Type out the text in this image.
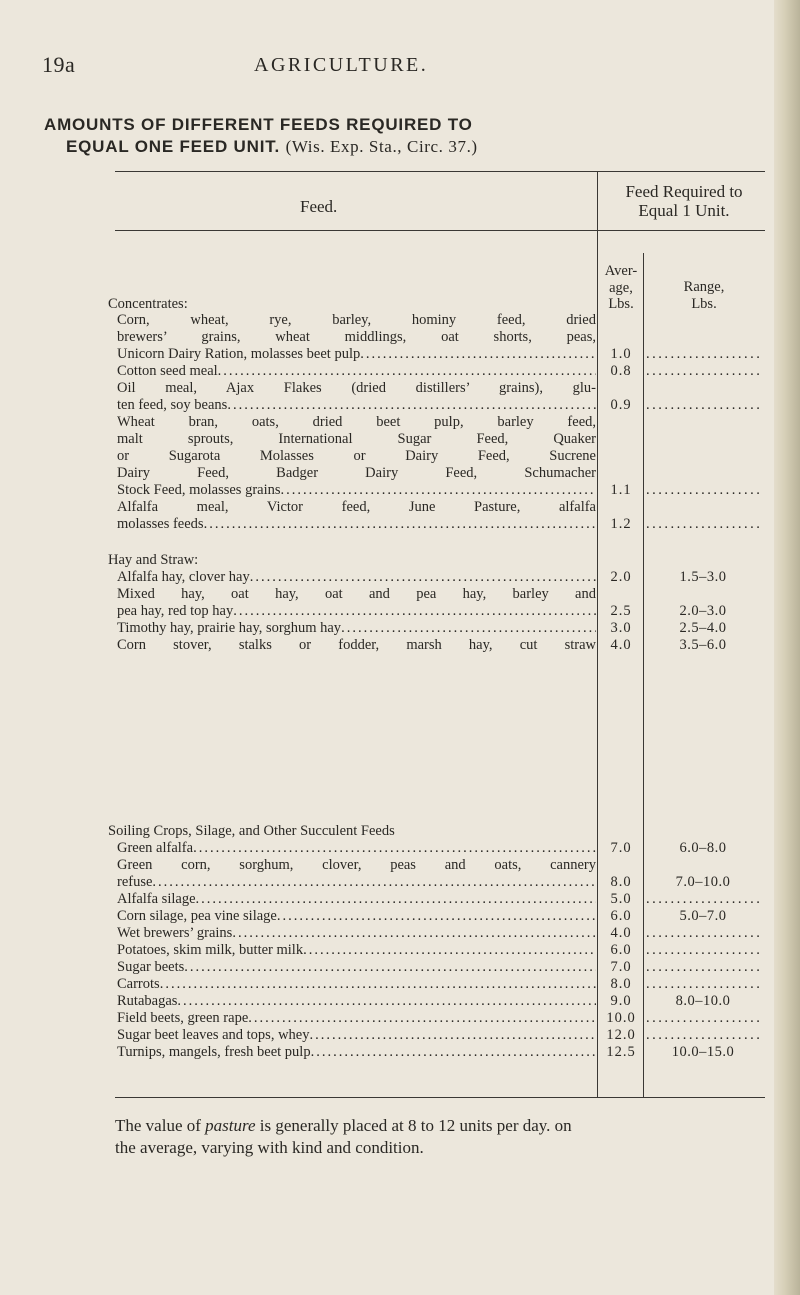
19a	AGRICULTURE.
AMOUNTS OF DIFFERENT FEEDS REQUIRED TO
EQUAL ONE FEED UNIT. (Wis. Exp. Sta., Circ. 37.)
Feed.
Feed Required to
Equal 1 Unit.
Aver-
age,
Lbs.
Range,
Lbs.
Concentrates:
Corn, wheat, rye, barley, hominy feed, dried
brewers’ grains, wheat middlings, oat shorts, peas,
Unicorn Dairy Ration, molasses beet pulp .....	1.0
.....
Cotton seed meal .....	0.8
.....
Oil meal, Ajax Flakes (dried distillers’ grains), glu-
ten feed, soy beans .....	0.9
.....
Wheat bran, oats, dried beet pulp, barley feed,
malt sprouts, International Sugar Feed, Quaker
or Sugarota Molasses or Dairy Feed, Sucrene
Dairy Feed, Badger Dairy Feed, Schumacher
Stock Feed, molasses grains .....	1.1
.....
Alfalfa meal, Victor feed, June Pasture, alfalfa
molasses feeds .....	1.2
.....
Hay and Straw:
Alfalfa hay, clover hay .....	2.0	1.5–3.0
Mixed hay, oat hay, oat and pea hay, barley and
pea hay, red top hay .....	2.5	2.0–3.0
Timothy hay, prairie hay, sorghum hay .....	3.0	2.5–4.0
Corn stover, stalks or fodder, marsh hay, cut straw 4.0	3.5–6.0
Soiling Crops, Silage, and Other Succulent Feeds
Green alfalfa .....	7.0	6.0–8.0
Green corn, sorghum, clover, peas and oats, cannery
refuse .....	8.0	7.0–10.0
Alfalfa silage .....	5.0
.....
Corn silage, pea vine silage .....	6.0	5.0–7.0
Wet brewers’ grains .....	4.0
.....
Potatoes, skim milk, butter milk .....	6.0
.....
Sugar beets .....	7.0
.....
Carrots .....	8.0
.....
Rutabagas .....	9.0	8.0–10.0
Field beets, green rape .....	10.0
.....
Sugar beet leaves and tops, whey .....	12.0
.....
Turnips, mangels, fresh beet pulp .....	12.5	10.0–15.0
The value of pasture is generally placed at 8 to 12 units per day. on
the average, varying with kind and condition.
